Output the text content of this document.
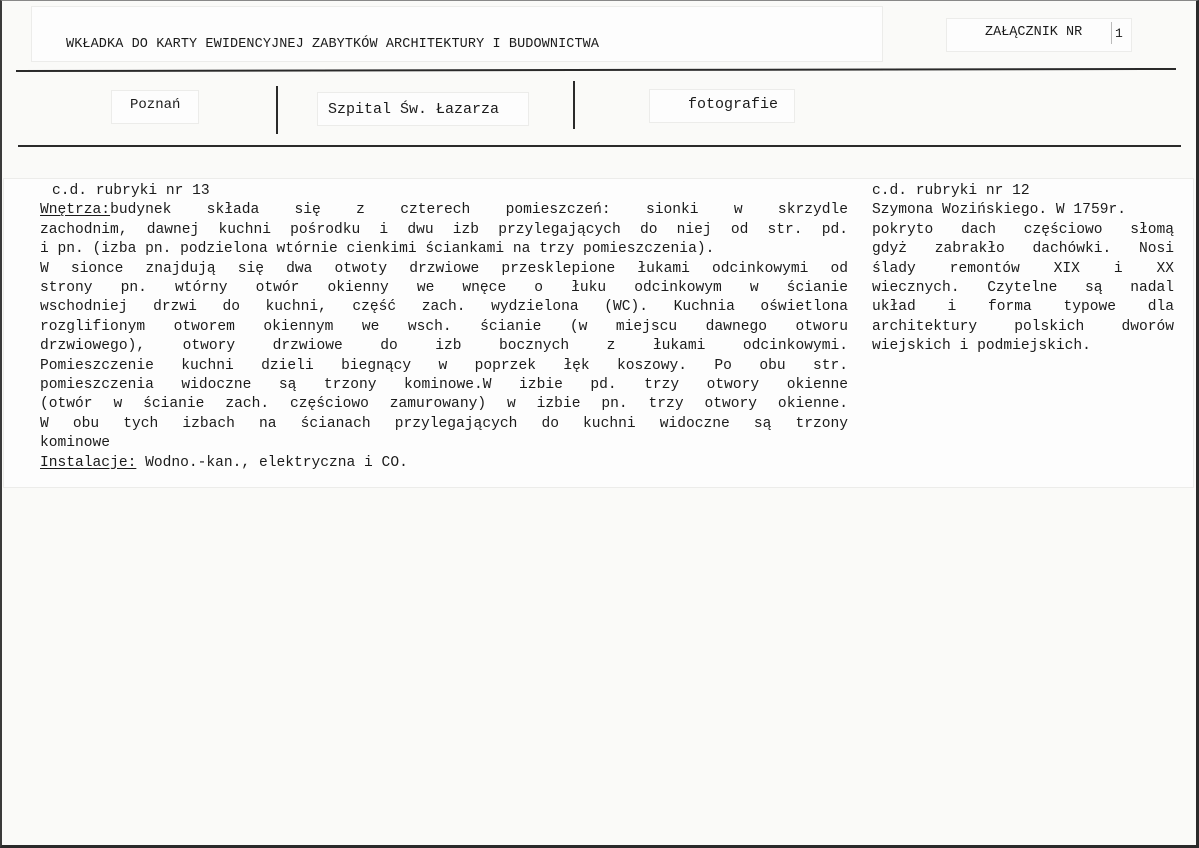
WKŁADKA DO KARTY EWIDENCYJNEJ ZABYTKÓW ARCHITEKTURY I BUDOWNICTWA
ZAŁĄCZNIK NR	1
Poznań	Szpital Św. Łazarza	fotografie
c.d. rubryki nr 13
Wnętrza:budynek składa się z czterech pomieszczeń: sionki w skrzydle
zachodnim, dawnej kuchni pośrodku i dwu izb przylegających do niej od str. pd.
i pn. (izba pn. podzielona wtórnie cienkimi ściankami na trzy pomieszczenia).
W sionce znajdują się dwa otwoty drzwiowe przesklepione łukami odcinkowymi od
strony pn. wtórny otwór okienny we wnęce o łuku odcinkowym w ścianie
wschodniej drzwi do kuchni, część zach. wydzielona (WC). Kuchnia oświetlona
rozglifionym otworem okiennym we wsch. ścianie (w miejscu dawnego otworu
drzwiowego), otwory drzwiowe do izb bocznych z łukami odcinkowymi.
Pomieszczenie kuchni dzieli biegnący w poprzek łęk koszowy. Po obu str.
pomieszczenia widoczne są trzony kominowe.W izbie pd. trzy otwory okienne
(otwór w ścianie zach. częściowo zamurowany) w izbie pn. trzy otwory okienne.
W obu tych izbach na ścianach przylegających do kuchni widoczne są trzony
kominowe
Instalacje: Wodno.-kan., elektryczna i CO.
c.d. rubryki nr 12
Szymona Wozińskiego. W 1759r.
pokryto dach częściowo słomą
gdyż zabrakło dachówki. Nosi
ślady remontów XIX i XX
wiecznych. Czytelne są nadal
układ i forma typowe dla
architektury polskich dworów
wiejskich i podmiejskich.
